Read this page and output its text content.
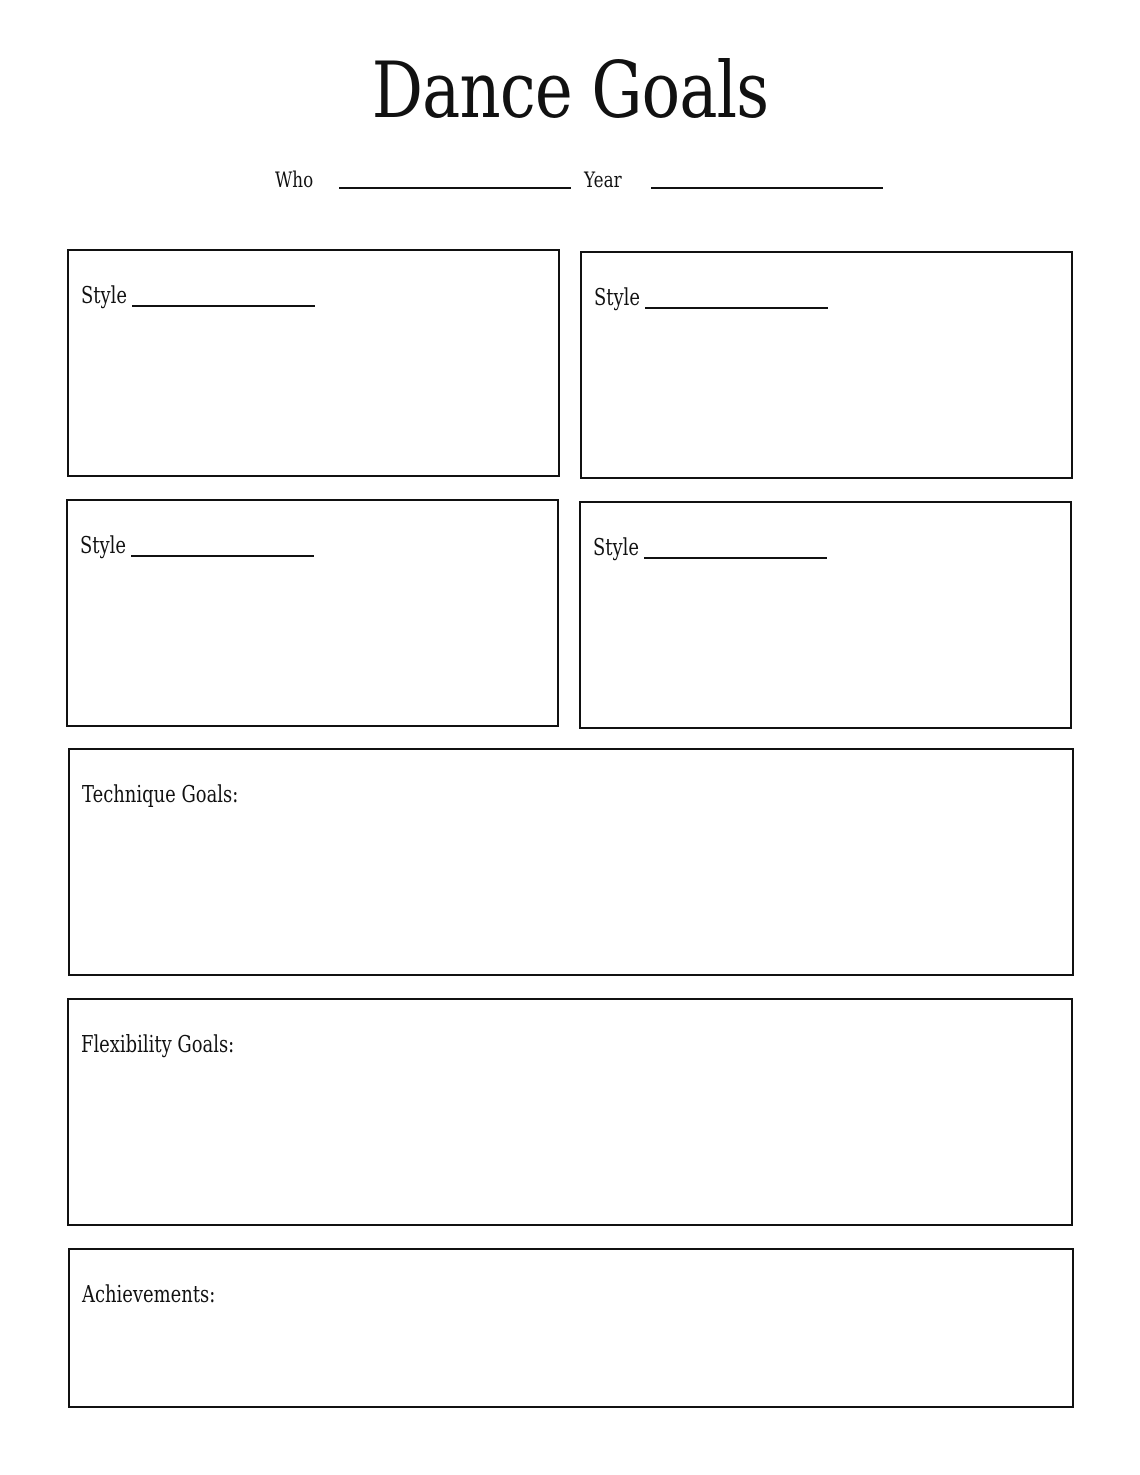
Dance Goals
Who	Year
Style	Style
Style	Style
Technique Goals:
Flexibility Goals:
Achievements:
